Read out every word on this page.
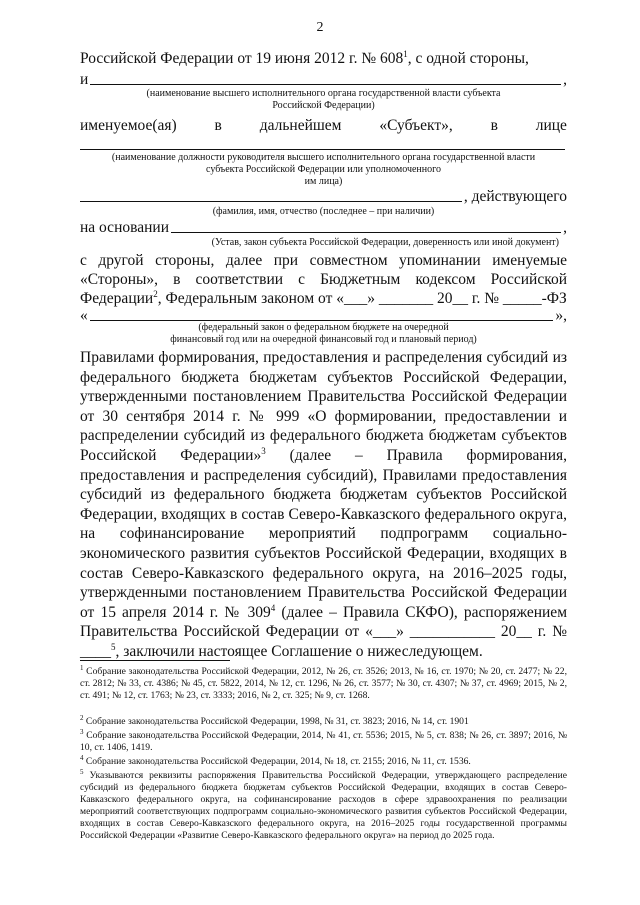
2
Российской Федерации от 19 июня 2012 г. № $608^1$, с одной стороны,
и	,
(наименование высшего исполнительного органа государственной власти субъекта
Российской Федерации)
именуемое(ая) в дальнейшем «Субъект», в лице
(наименование должности руководителя высшего исполнительного органа государственной власти
субъекта Российской Федерации или уполномоченного
им лица)
, действующего
(фамилия, имя, отчество (последнее – при наличии)
на основании	,
(Устав, закон субъекта Российской Федерации, доверенность или иной документ)
с другой стороны, далее при совместном упоминании именуемые
«Стороны», в соответствии с Бюджетным кодексом Российской
Федерации$^2$, Федеральным законом от «___» _______ 20__ г. № _____-ФЗ
«	»,
(федеральный закон о федеральном бюджете на очередной
финансовый год или на очередной финансовый год и плановый период)
Правилами формирования, предоставления и распределения субсидий из федерального бюджета бюджетам субъектов Российской Федерации, утвержденными постановлением Правительства Российской Федерации от 30 сентября 2014 г. № 999 «О формировании, предоставлении и распределении субсидий из федерального бюджета бюджетам субъектов Российской Федерации»$^3$ (далее – Правила формирования, предоставления и распределения субсидий), Правилами предоставления субсидий из федерального бюджета бюджетам субъектов Российской Федерации, входящих в состав Северо-Кавказского федерального округа, на софинансирование мероприятий подпрограмм социально-экономического развития субъектов Российской Федерации, входящих в состав Северо-Кавказского федерального округа, на 2016–2025 годы, утвержденными постановлением Правительства Российской Федерации от 15 апреля 2014 г. № $309^4$ (далее – Правила СКФО), распоряжением Правительства Российской Федерации от «___» ___________ 20__ г. № ____$^5$, заключили настоящее Соглашение о нижеследующем.
$^1$ Собрание законодательства Российской Федерации, 2012, № 26, ст. 3526; 2013, № 16, ст. 1970; № 20, ст. 2477; № 22, ст. 2812; № 33, ст. 4386; № 45, ст. 5822, 2014, № 12, ст. 1296, № 26, ст. 3577; № 30, ст. 4307; № 37, ст. 4969; 2015, № 2, ст. 491; № 12, ст. 1763; № 23, ст. 3333; 2016, № 2, ст. 325; № 9, ст. 1268.
$^2$ Собрание законодательства Российской Федерации, 1998, № 31, ст. 3823; 2016, № 14, ст. 1901
$^3$ Собрание законодательства Российской Федерации, 2014, № 41, ст. 5536; 2015, № 5, ст. 838; № 26, ст. 3897; 2016, № 10, ст. 1406, 1419.
$^4$ Собрание законодательства Российской Федерации, 2014, № 18, ст. 2155; 2016, № 11, ст. 1536.
$^5$ Указываются реквизиты распоряжения Правительства Российской Федерации, утверждающего распределение субсидий из федерального бюджета бюджетам субъектов Российской Федерации, входящих в состав Северо-Кавказского федерального округа, на софинансирование расходов в сфере здравоохранения по реализации мероприятий соответствующих подпрограмм социально-экономического развития субъектов Российской Федерации, входящих в состав Северо-Кавказского федерального округа, на 2016–2025 годы государственной программы Российской Федерации «Развитие Северо-Кавказского федерального округа» на период до 2025 года.
